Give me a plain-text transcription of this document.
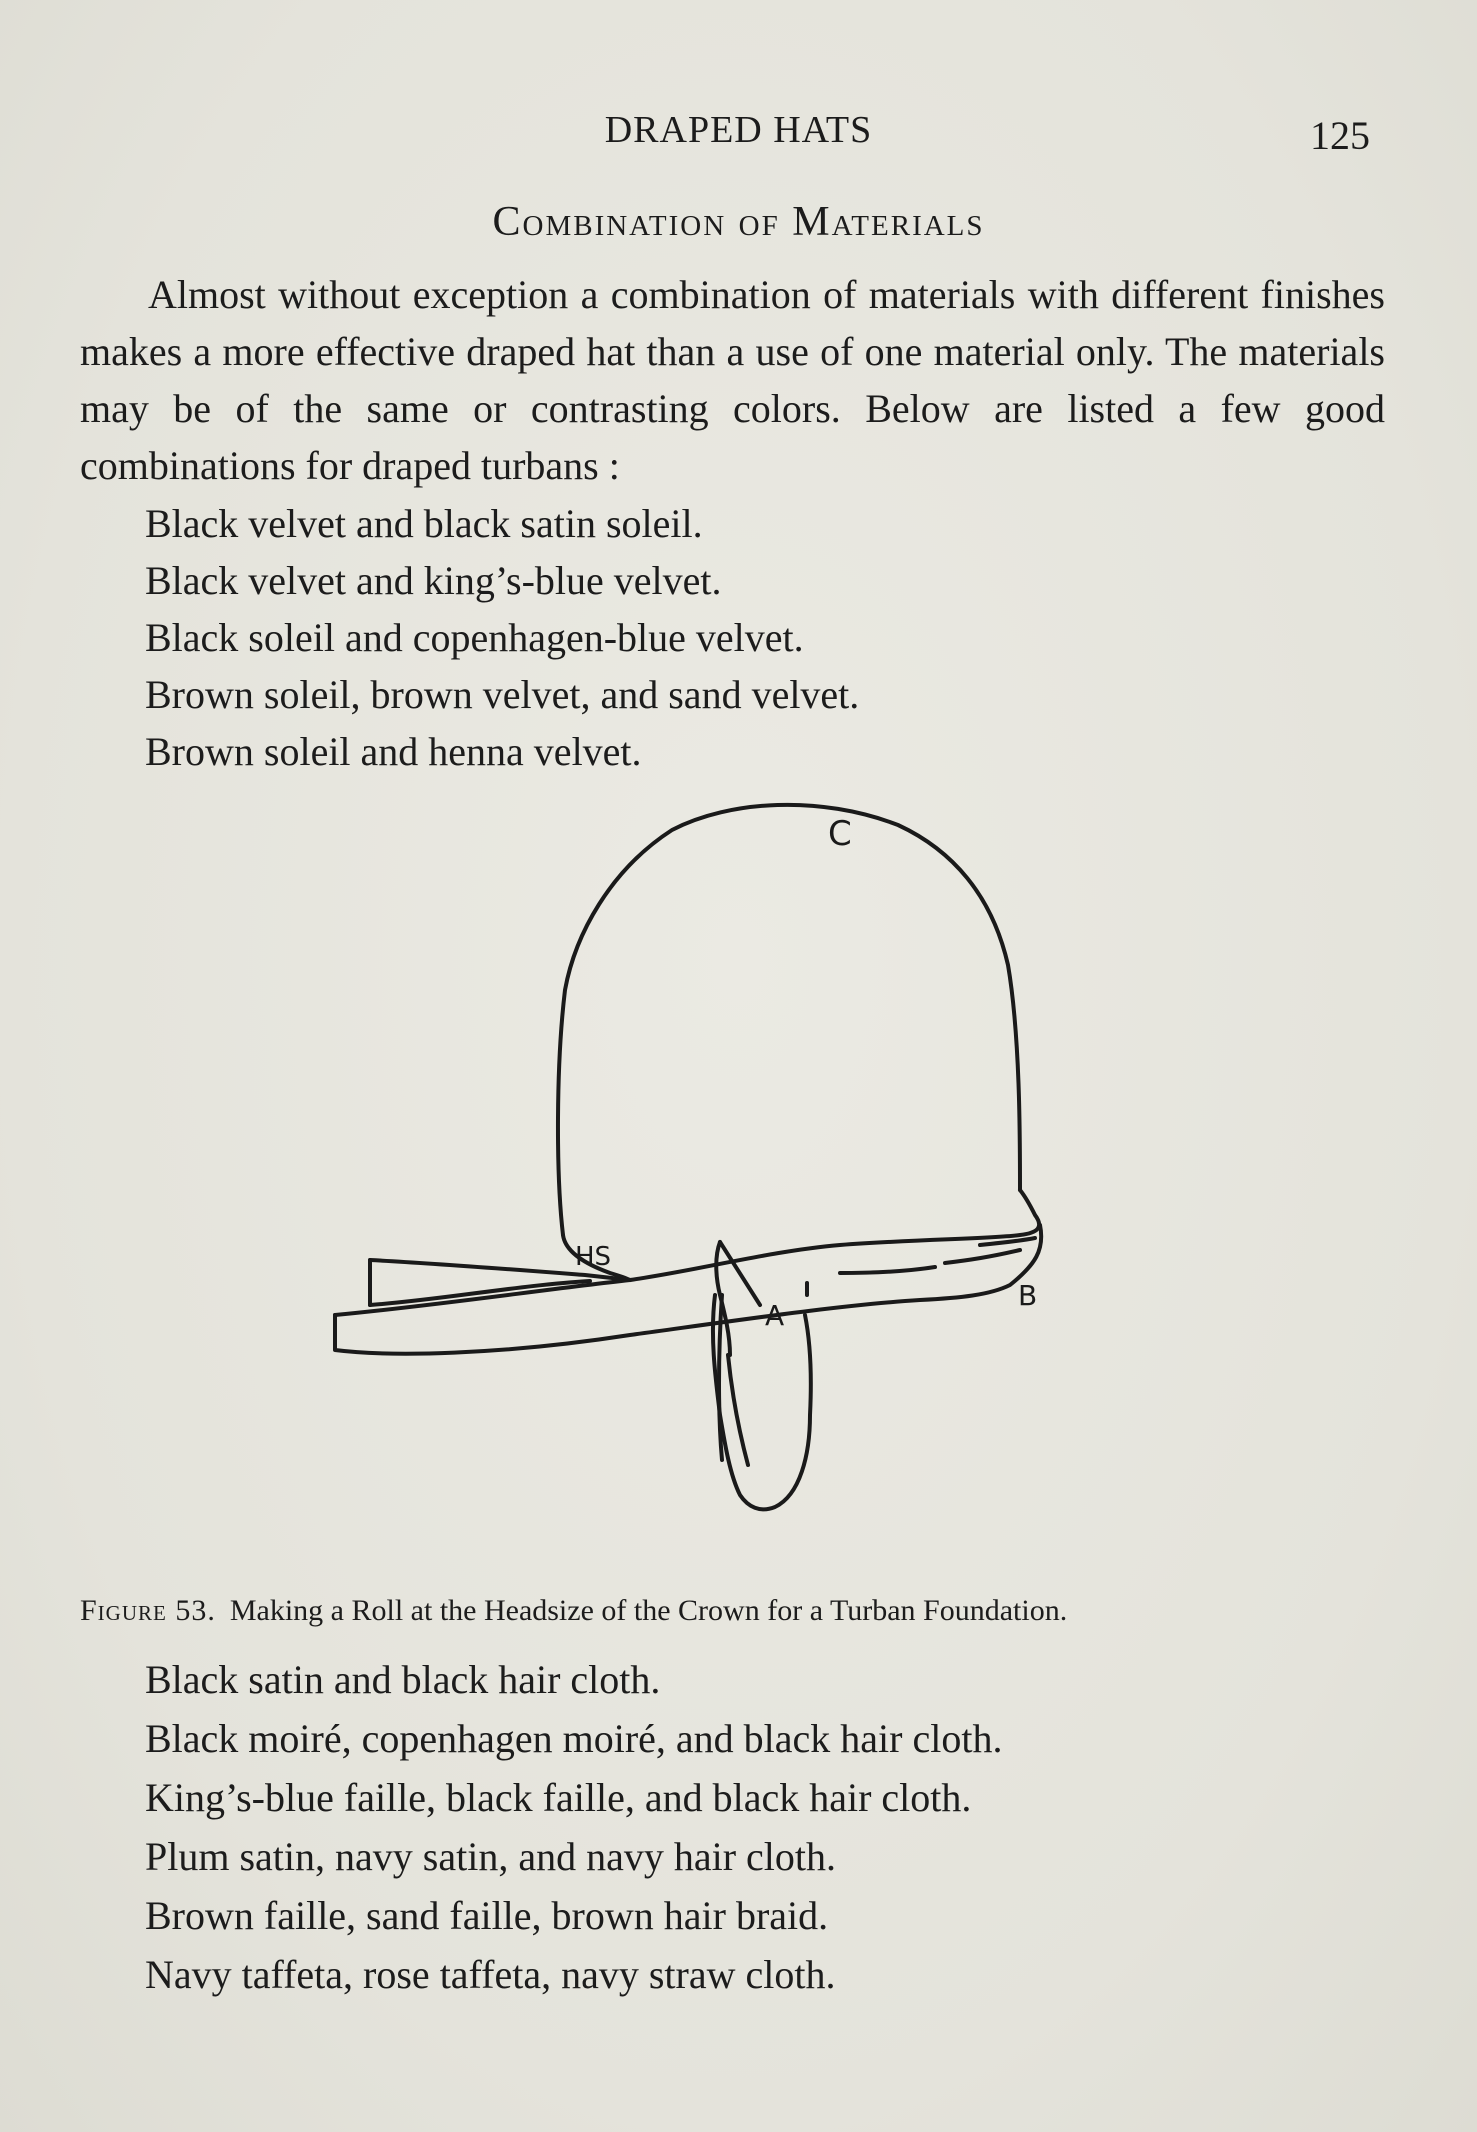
DRAPED HATS	125
Combination of Materials

Almost without exception a combination of materials with different finishes makes a more effective draped hat than a use of one material only. The materials may be of the same or contrasting colors. Below are listed a few good combinations for draped turbans :

Black velvet and black satin soleil.
Black velvet and king’s-blue velvet.
Black soleil and copenhagen-blue velvet.
Brown soleil, brown velvet, and sand velvet.
Brown soleil and henna velvet.
C
HS
A
B
Figure 53. Making a Roll at the Headsize of the Crown for a Turban Foundation.
Black satin and black hair cloth.
Black moiré, copenhagen moiré, and black hair cloth.
King’s-blue faille, black faille, and black hair cloth.
Plum satin, navy satin, and navy hair cloth.
Brown faille, sand faille, brown hair braid.
Navy taffeta, rose taffeta, navy straw cloth.
